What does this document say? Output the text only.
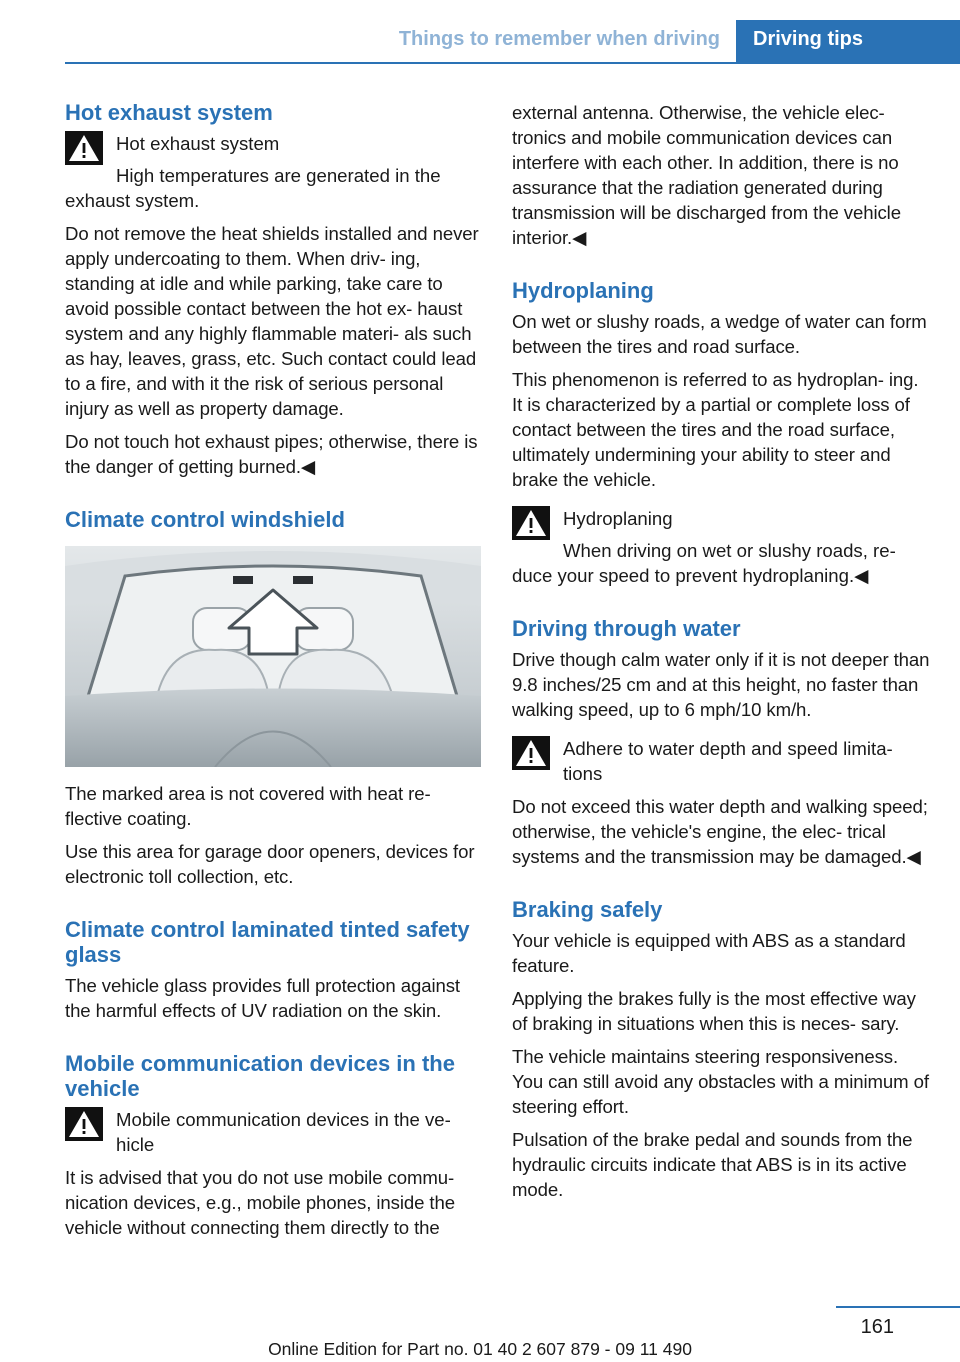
Things to remember when driving	Driving tips
Hot exhaust system
Hot exhaust system
High temperatures are generated in the exhaust system.

Do not remove the heat shields installed and never apply undercoating to them. When driv‐ ing, standing at idle and while parking, take care to avoid possible contact between the hot ex‐ haust system and any highly flammable materi‐ als such as hay, leaves, grass, etc. Such contact could lead to a fire, and with it the risk of serious personal injury as well as property damage.

Do not touch hot exhaust pipes; otherwise, there is the danger of getting burned.◀

Climate control windshield

The marked area is not covered with heat re‐ flective coating.

Use this area for garage door openers, devices for electronic toll collection, etc.

Climate control laminated tinted safety glass

The vehicle glass provides full protection against the harmful effects of UV radiation on the skin.

Mobile communication devices in the vehicle
Mobile communication devices in the ve‐ hicle

It is advised that you do not use mobile commu‐ nication devices, e.g., mobile phones, inside the vehicle without connecting them directly to the

external antenna. Otherwise, the vehicle elec‐ tronics and mobile communication devices can interfere with each other. In addition, there is no assurance that the radiation generated during transmission will be discharged from the vehicle interior.◀

Hydroplaning

On wet or slushy roads, a wedge of water can form between the tires and road surface.

This phenomenon is referred to as hydroplan‐ ing. It is characterized by a partial or complete loss of contact between the tires and the road surface, ultimately undermining your ability to steer and brake the vehicle.

Hydroplaning
When driving on wet or slushy roads, re‐ duce your speed to prevent hydroplaning.◀
Driving through water

Drive though calm water only if it is not deeper than 9.8 inches/25 cm and at this height, no faster than walking speed, up to 6 mph/10 km/h.

Adhere to water depth and speed limita‐ tions

Do not exceed this water depth and walking speed; otherwise, the vehicle's engine, the elec‐ trical systems and the transmission may be damaged.◀

Braking safely

Your vehicle is equipped with ABS as a standard feature.

Applying the brakes fully is the most effective way of braking in situations when this is neces‐ sary.

The vehicle maintains steering responsiveness. You can still avoid any obstacles with a minimum of steering effort.

Pulsation of the brake pedal and sounds from the hydraulic circuits indicate that ABS is in its active mode.

161
Online Edition for Part no. 01 40 2 607 879 - 09 11 490
